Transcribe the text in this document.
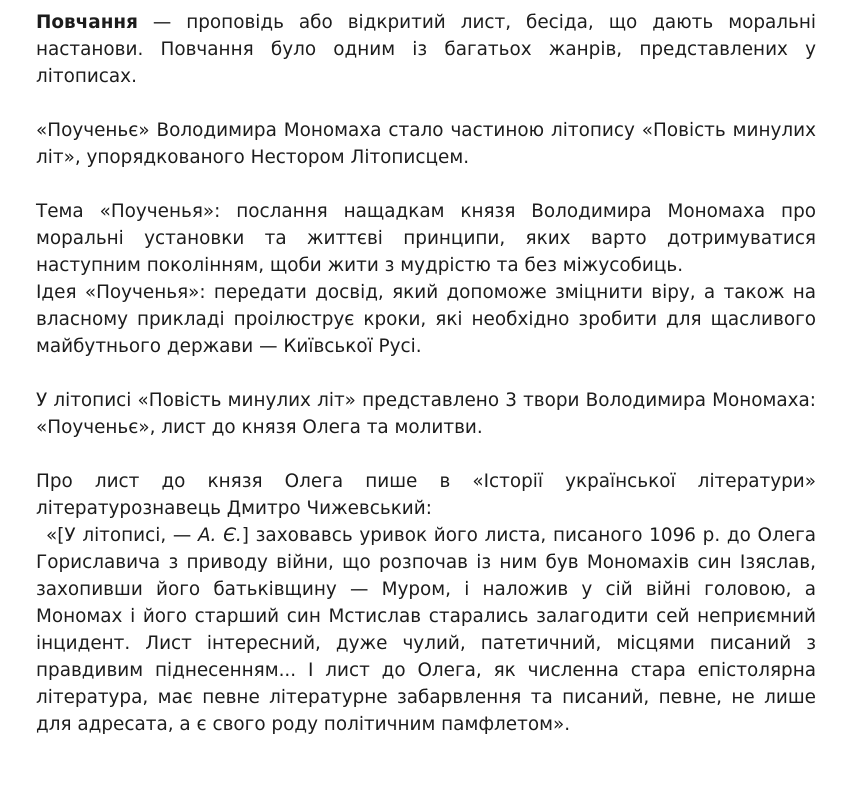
Повчання — проповідь або відкритий лист, бесіда, що дають моральні настанови. Повчання було одним із багатьох жанрів, представлених у літописах.

«Поученьє» Володимира Мономаха стало частиною літопису «Повість минулих літ», упорядкованого Нестором Літописцем.

Тема «Поученья»: послання нащадкам князя Володимира Мономаха про моральні установки та життєві принципи, яких варто дотримуватися наступним поколінням, щоби жити з мудрістю та без міжусобиць.

Ідея «Поученья»: передати досвід, який допоможе зміцнити віру, а також на власному прикладі проілюструє кроки, які необхідно зробити для щасливого майбутнього держави — Київської Русі.

У літописі «Повість минулих літ» представлено 3 твори Володимира Мономаха: «Поученьє», лист до князя Олега та молитви.

Про лист до князя Олега пише в «Історії української літератури» літературознавець Дмитро Чижевський:

«[У літописі, — А. Є.] заховавсь уривок його листа, писаного 1096 р. до Олега Гориславича з приводу війни, що розпочав із ним був Мономахів син Ізяслав, захопивши його батьківщину — Муром, і наложив у сій війні головою, а Мономах і його старший син Мстислав старались залагодити сей неприємний інцидент. Лист інтересний, дуже чулий, патетичний, місцями писаний з правдивим піднесенням... І лист до Олега, як численна стара епістолярна література, має певне літературне забарвлення та писаний, певне, не лише для адресата, а є свого роду політичним памфлетом».
